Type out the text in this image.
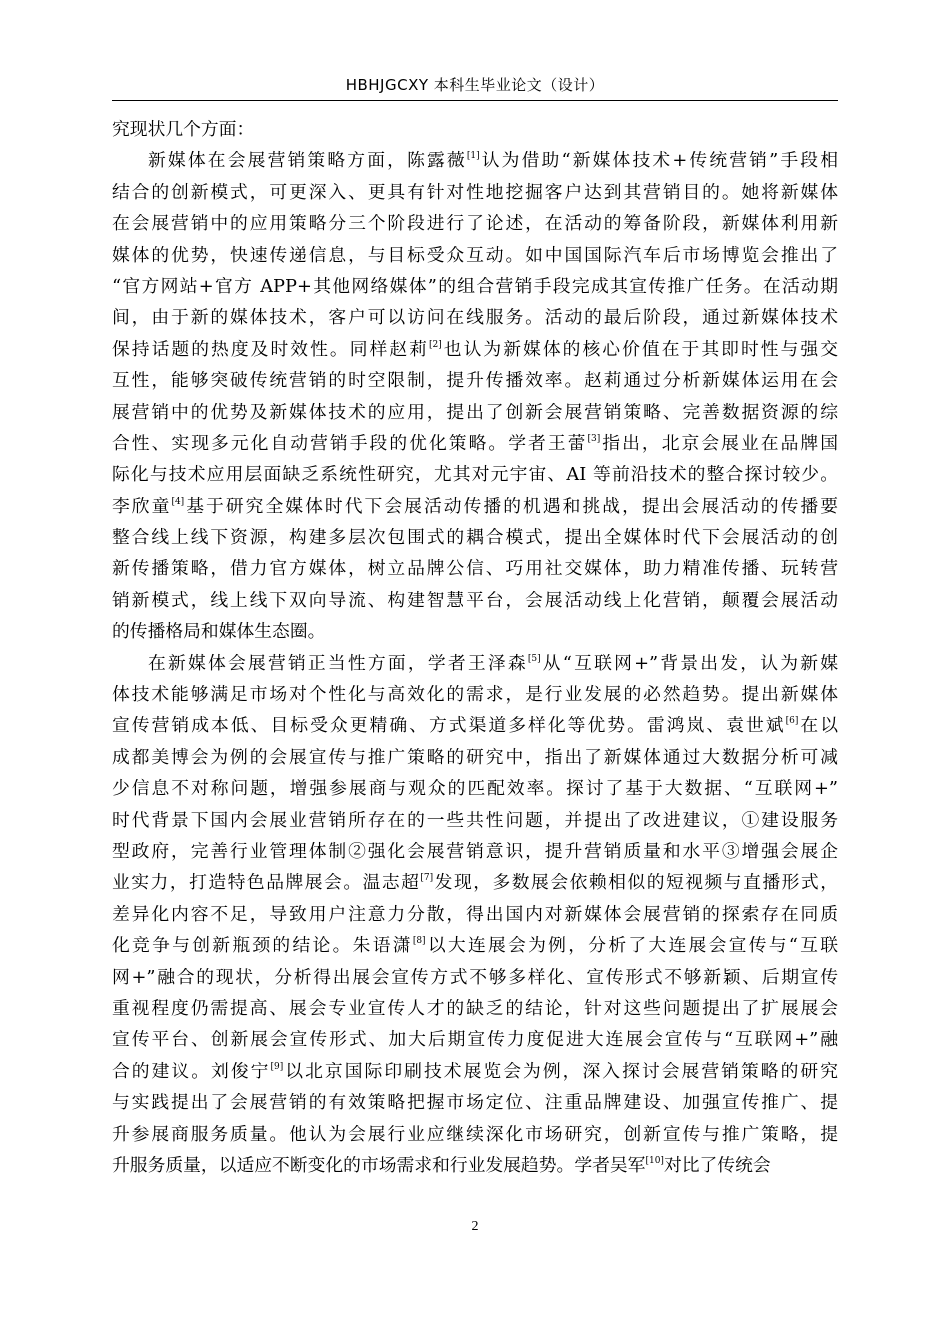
HBHJGCXY 本科生毕业论文（设计）
究现状几个方面：
新媒体在会展营销策略方面，陈露薇[1]认为借助“新媒体技术+传统营销”手段相
结合的创新模式，可更深入、更具有针对性地挖掘客户达到其营销目的。她将新媒体
在会展营销中的应用策略分三个阶段进行了论述，在活动的筹备阶段，新媒体利用新
媒体的优势，快速传递信息，与目标受众互动。如中国国际汽车后市场博览会推出了
“官方网站+官方 APP+其他网络媒体”的组合营销手段完成其宣传推广任务。在活动期
间，由于新的媒体技术，客户可以访问在线服务。活动的最后阶段，通过新媒体技术
保持话题的热度及时效性。同样赵莉[2]也认为新媒体的核心价值在于其即时性与强交
互性，能够突破传统营销的时空限制，提升传播效率。赵莉通过分析新媒体运用在会
展营销中的优势及新媒体技术的应用，提出了创新会展营销策略、完善数据资源的综
合性、实现多元化自动营销手段的优化策略。学者王蕾[3]指出，北京会展业在品牌国
际化与技术应用层面缺乏系统性研究，尤其对元宇宙、AI 等前沿技术的整合探讨较少。
李欣童[4]基于研究全媒体时代下会展活动传播的机遇和挑战，提出会展活动的传播要
整合线上线下资源，构建多层次包围式的耦合模式，提出全媒体时代下会展活动的创
新传播策略，借力官方媒体，树立品牌公信、巧用社交媒体，助力精准传播、玩转营
销新模式，线上线下双向导流、构建智慧平台，会展活动线上化营销，颠覆会展活动
的传播格局和媒体生态圈。
在新媒体会展营销正当性方面，学者王泽森[5]从“互联网+”背景出发，认为新媒
体技术能够满足市场对个性化与高效化的需求，是行业发展的必然趋势。提出新媒体
宣传营销成本低、目标受众更精确、方式渠道多样化等优势。雷鸿岚、袁世斌[6]在以
成都美博会为例的会展宣传与推广策略的研究中，指出了新媒体通过大数据分析可减
少信息不对称问题，增强参展商与观众的匹配效率。探讨了基于大数据、“互联网+”
时代背景下国内会展业营销所存在的一些共性问题，并提出了改进建议，①建设服务
型政府，完善行业管理体制②强化会展营销意识，提升营销质量和水平③增强会展企
业实力，打造特色品牌展会。温志超[7]发现，多数展会依赖相似的短视频与直播形式，
差异化内容不足，导致用户注意力分散，得出国内对新媒体会展营销的探索存在同质
化竞争与创新瓶颈的结论。朱语潇[8]以大连展会为例，分析了大连展会宣传与“互联
网+”融合的现状，分析得出展会宣传方式不够多样化、宣传形式不够新颖、后期宣传
重视程度仍需提高、展会专业宣传人才的缺乏的结论，针对这些问题提出了扩展展会
宣传平台、创新展会宣传形式、加大后期宣传力度促进大连展会宣传与“互联网+”融
合的建议。刘俊宁[9]以北京国际印刷技术展览会为例，深入探讨会展营销策略的研究
与实践提出了会展营销的有效策略把握市场定位、注重品牌建设、加强宣传推广、提
升参展商服务质量。他认为会展行业应继续深化市场研究，创新宣传与推广策略，提
升服务质量，以适应不断变化的市场需求和行业发展趋势。学者吴军[10]对比了传统会
2
